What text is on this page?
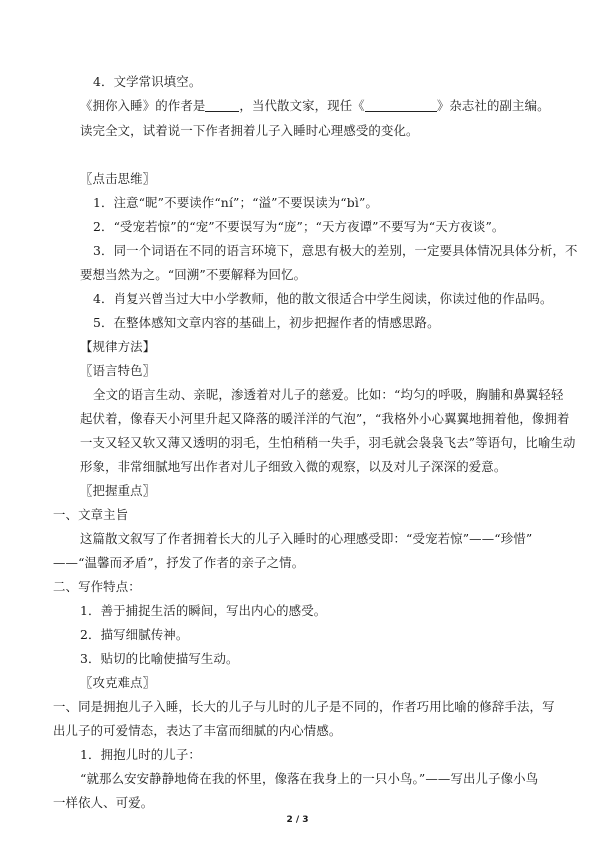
4．文学常识填空。
《拥你入睡》的作者是	，当代散文家，现任《	》杂志社的副主编。
读完全文，试着说一下作者拥着儿子入睡时心理感受的变化。
〖点击思维〗
1．注意“昵”不要读作“ní”；“溢”不要误读为“bì”。
2．“受宠若惊”的“宠”不要误写为“庞”；“天方夜谭”不要写为“天方夜谈”。
3．同一个词语在不同的语言环境下，意思有极大的差别，一定要具体情况具体分析，不
要想当然为之。“回溯”不要解释为回忆。
4．肖复兴曾当过大中小学教师，他的散文很适合中学生阅读，你读过他的作品吗。
5．在整体感知文章内容的基础上，初步把握作者的情感思路。
【规律方法】
〖语言特色〗
全文的语言生动、亲昵，渗透着对儿子的慈爱。比如：“均匀的呼吸，胸脯和鼻翼轻轻
起伏着，像春天小河里升起又降落的暖洋洋的气泡”，“我格外小心翼翼地拥着他，像拥着
一支又轻又软又薄又透明的羽毛，生怕稍稍一失手，羽毛就会袅袅飞去”等语句，比喻生动
形象，非常细腻地写出作者对儿子细致入微的观察，以及对儿子深深的爱意。
〖把握重点〗
一、文章主旨
这篇散文叙写了作者拥着长大的儿子入睡时的心理感受即：“受宠若惊”——“珍惜”
——“温馨而矛盾”，抒发了作者的亲子之情。
二、写作特点：
1．善于捕捉生活的瞬间，写出内心的感受。
2．描写细腻传神。
3．贴切的比喻使描写生动。
〖攻克难点〗
一、同是拥抱儿子入睡，长大的儿子与儿时的儿子是不同的，作者巧用比喻的修辞手法，写
出儿子的可爱情态，表达了丰富而细腻的内心情感。
1．拥抱儿时的儿子：
“就那么安安静静地倚在我的怀里，像落在我身上的一只小鸟。”——写出儿子像小鸟
一样依人、可爱。
2 / 3
